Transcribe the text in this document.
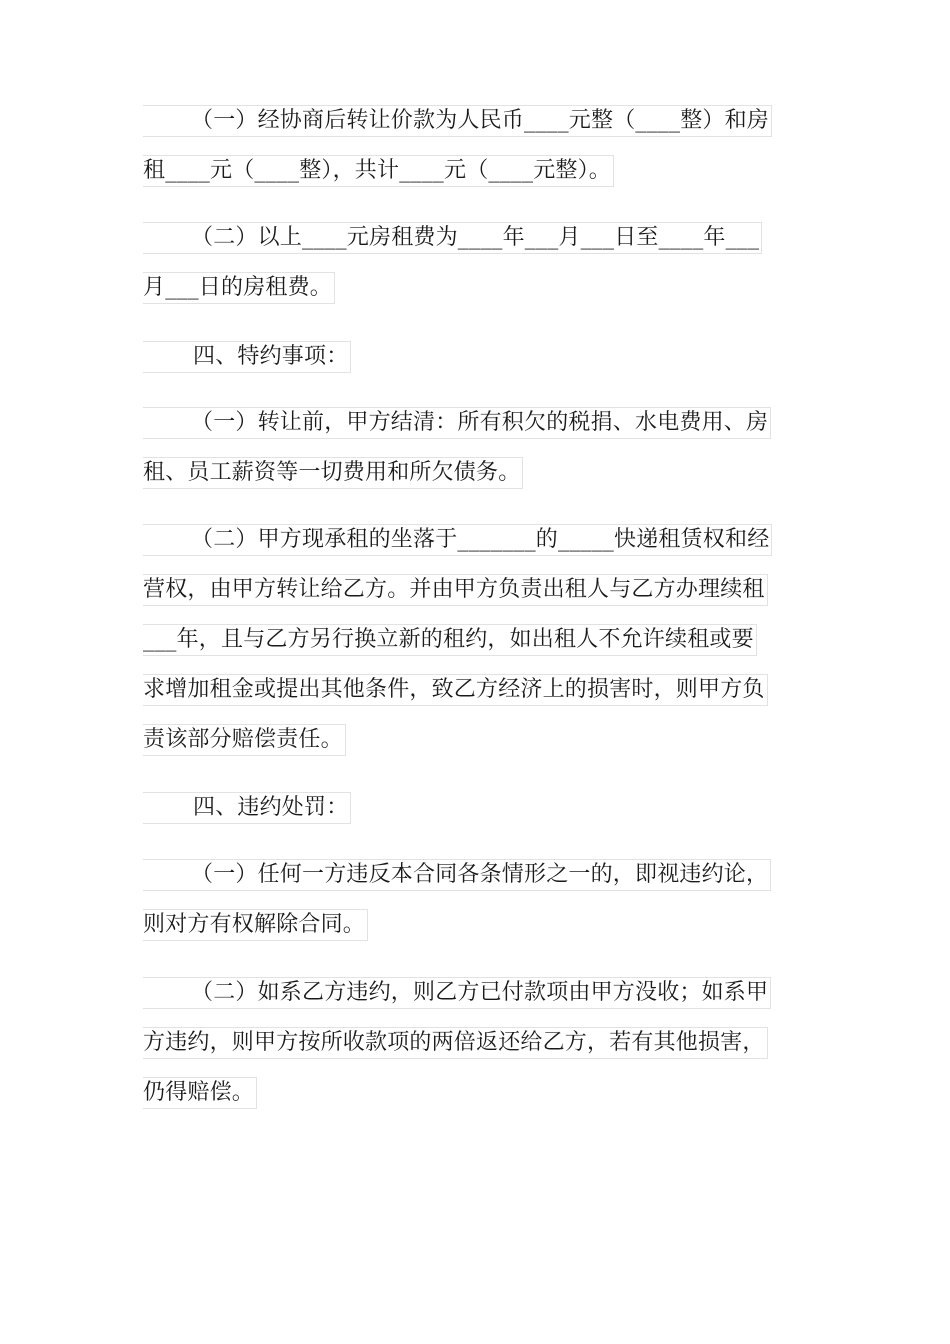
（一）经协商后转让价款为人民币____元整（____整）和房
租____元（____整），共计____元（____元整）。
（二）以上____元房租费为____年___月___日至____年___
月___日的房租费。
四、特约事项：
（一）转让前，甲方结清：所有积欠的税捐、水电费用、房
租、员工薪资等一切费用和所欠债务。
（二）甲方现承租的坐落于_______的_____快递租赁权和经
营权，由甲方转让给乙方。并由甲方负责出租人与乙方办理续租
___年，且与乙方另行换立新的租约，如出租人不允许续租或要
求增加租金或提出其他条件，致乙方经济上的损害时，则甲方负
责该部分赔偿责任。
四、违约处罚：
（一）任何一方违反本合同各条情形之一的，即视违约论，
则对方有权解除合同。
（二）如系乙方违约，则乙方已付款项由甲方没收；如系甲
方违约，则甲方按所收款项的两倍返还给乙方，若有其他损害，
仍得赔偿。
